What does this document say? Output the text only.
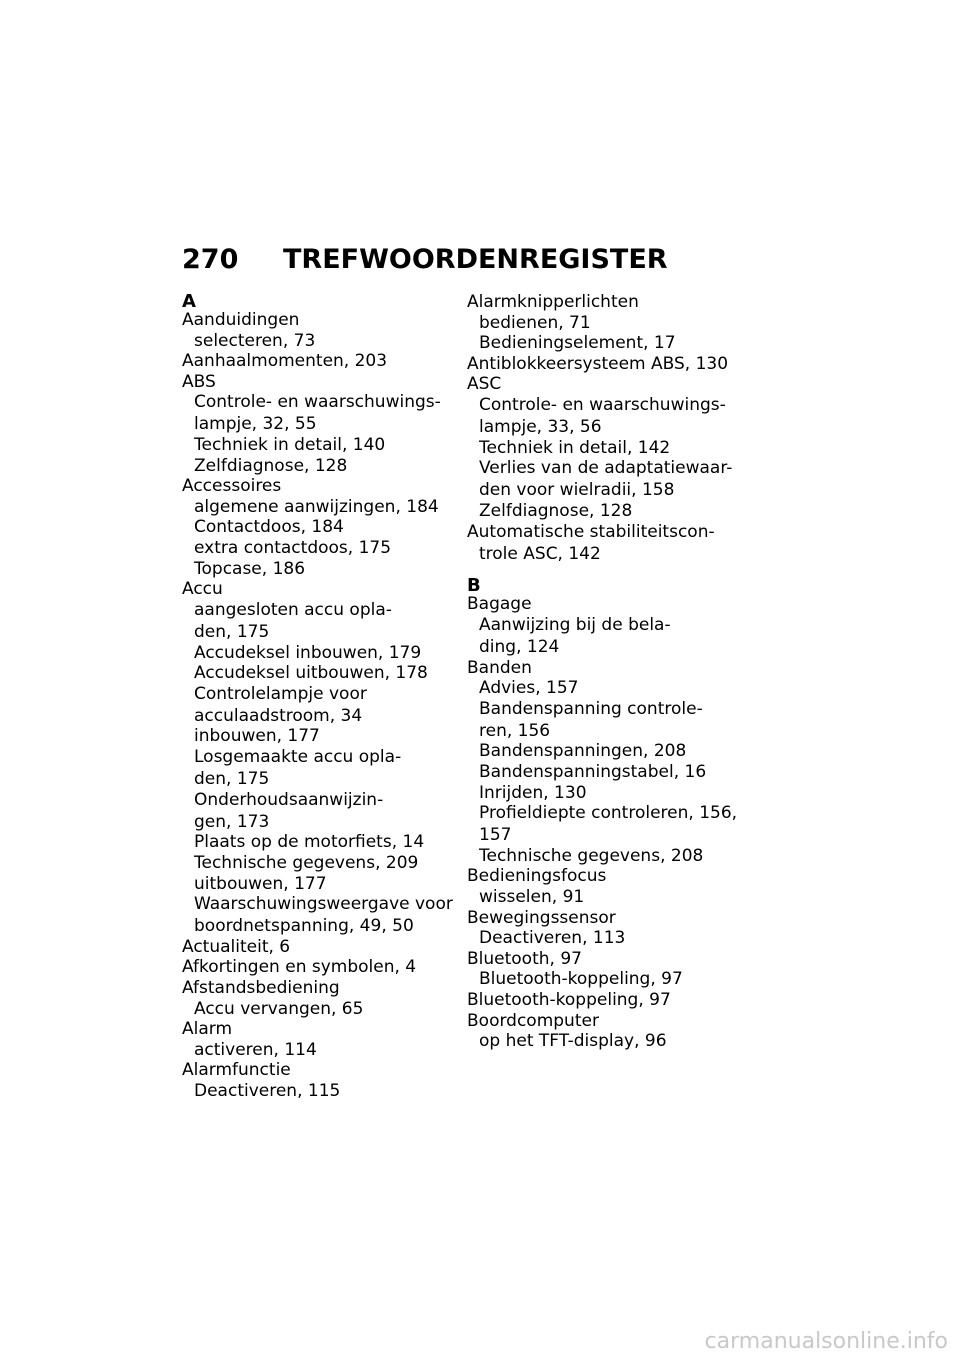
270 TREFWOORDENREGISTER
A
Aanduidingen
selecteren, 73
Aanhaalmomenten, 203
ABS
Controle- en waarschuwings-
lampje, 32, 55
Techniek in detail, 140
Zelfdiagnose, 128
Accessoires
algemene aanwijzingen, 184
Contactdoos, 184
extra contactdoos, 175
Topcase, 186
Accu
aangesloten accu opla-
den, 175
Accudeksel inbouwen, 179
Accudeksel uitbouwen, 178
Controlelampje voor
acculaadstroom, 34
inbouwen, 177
Losgemaakte accu opla-
den, 175
Onderhoudsaanwijzin-
gen, 173
Plaats op de motorfiets, 14
Technische gegevens, 209
uitbouwen, 177
Waarschuwingsweergave voor
boordnetspanning, 49, 50
Actualiteit, 6
Afkortingen en symbolen, 4
Afstandsbediening
Accu vervangen, 65
Alarm
activeren, 114
Alarmfunctie
Deactiveren, 115
Alarmknipperlichten
bedienen, 71
Bedieningselement, 17
Antiblokkeersysteem ABS, 130
ASC
Controle- en waarschuwings-
lampje, 33, 56
Techniek in detail, 142
Verlies van de adaptatiewaar-
den voor wielradii, 158
Zelfdiagnose, 128
Automatische stabiliteitscon-
trole ASC, 142
B
Bagage
Aanwijzing bij de bela-
ding, 124
Banden
Advies, 157
Bandenspanning controle-
ren, 156
Bandenspanningen, 208
Bandenspanningstabel, 16
Inrijden, 130
Profieldiepte controleren, 156,
157
Technische gegevens, 208
Bedieningsfocus
wisselen, 91
Bewegingssensor
Deactiveren, 113
Bluetooth, 97
Bluetooth-koppeling, 97
Bluetooth-koppeling, 97
Boordcomputer
op het TFT-display, 96
carmanualsonline.info
